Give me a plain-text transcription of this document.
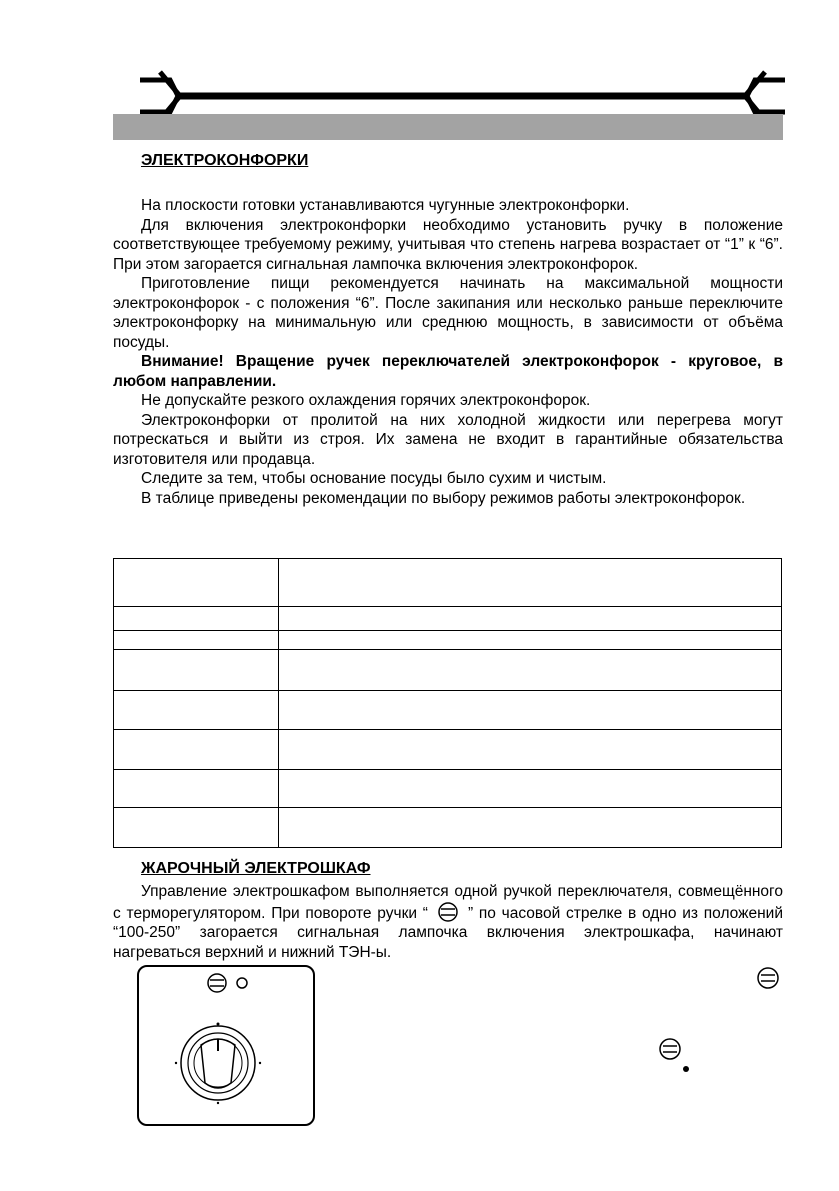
ЭЛЕКТРОКОНФОРКИ

На плоскости готовки устанавливаются чугунные электроконфорки.

Для включения электроконфорки необходимо установить ручку в положение соответствующее требуемому режиму, учитывая что степень нагрева возрастает от “1” к “6”. При этом загорается сигнальная лампочка включения электроконфорок.

Приготовление пищи рекомендуется начинать на максимальной мощности электроконфорок - с положения “6”. После закипания или несколько раньше переключите электроконфорку на минимальную или среднюю мощность, в зависимости от объёма посуды.

Внимание! Вращение ручек переключателей электроконфорок - круговое, в любом направлении.

Не допускайте резкого охлаждения горячих электроконфорок.

Электроконфорки от пролитой на них холодной жидкости или перегрева могут потрескаться и выйти из строя. Их замена не входит в гарантийные обязательства изготовителя или продавца.

Следите за тем, чтобы основание посуды было сухим и чистым.

В таблице приведены рекомендации по выбору режимов работы электроконфорок.

ЖАРОЧНЫЙ ЭЛЕКТРОШКАФ

Управление электрошкафом выполняется одной ручкой переключателя, совмещённого с терморегулятором. При повороте ручки “	” по часовой стрелке в одно из положений “100-250” загорается сигнальная лампочка включения электрошкафа, начинают нагреваться верхний и нижний ТЭН-ы.
